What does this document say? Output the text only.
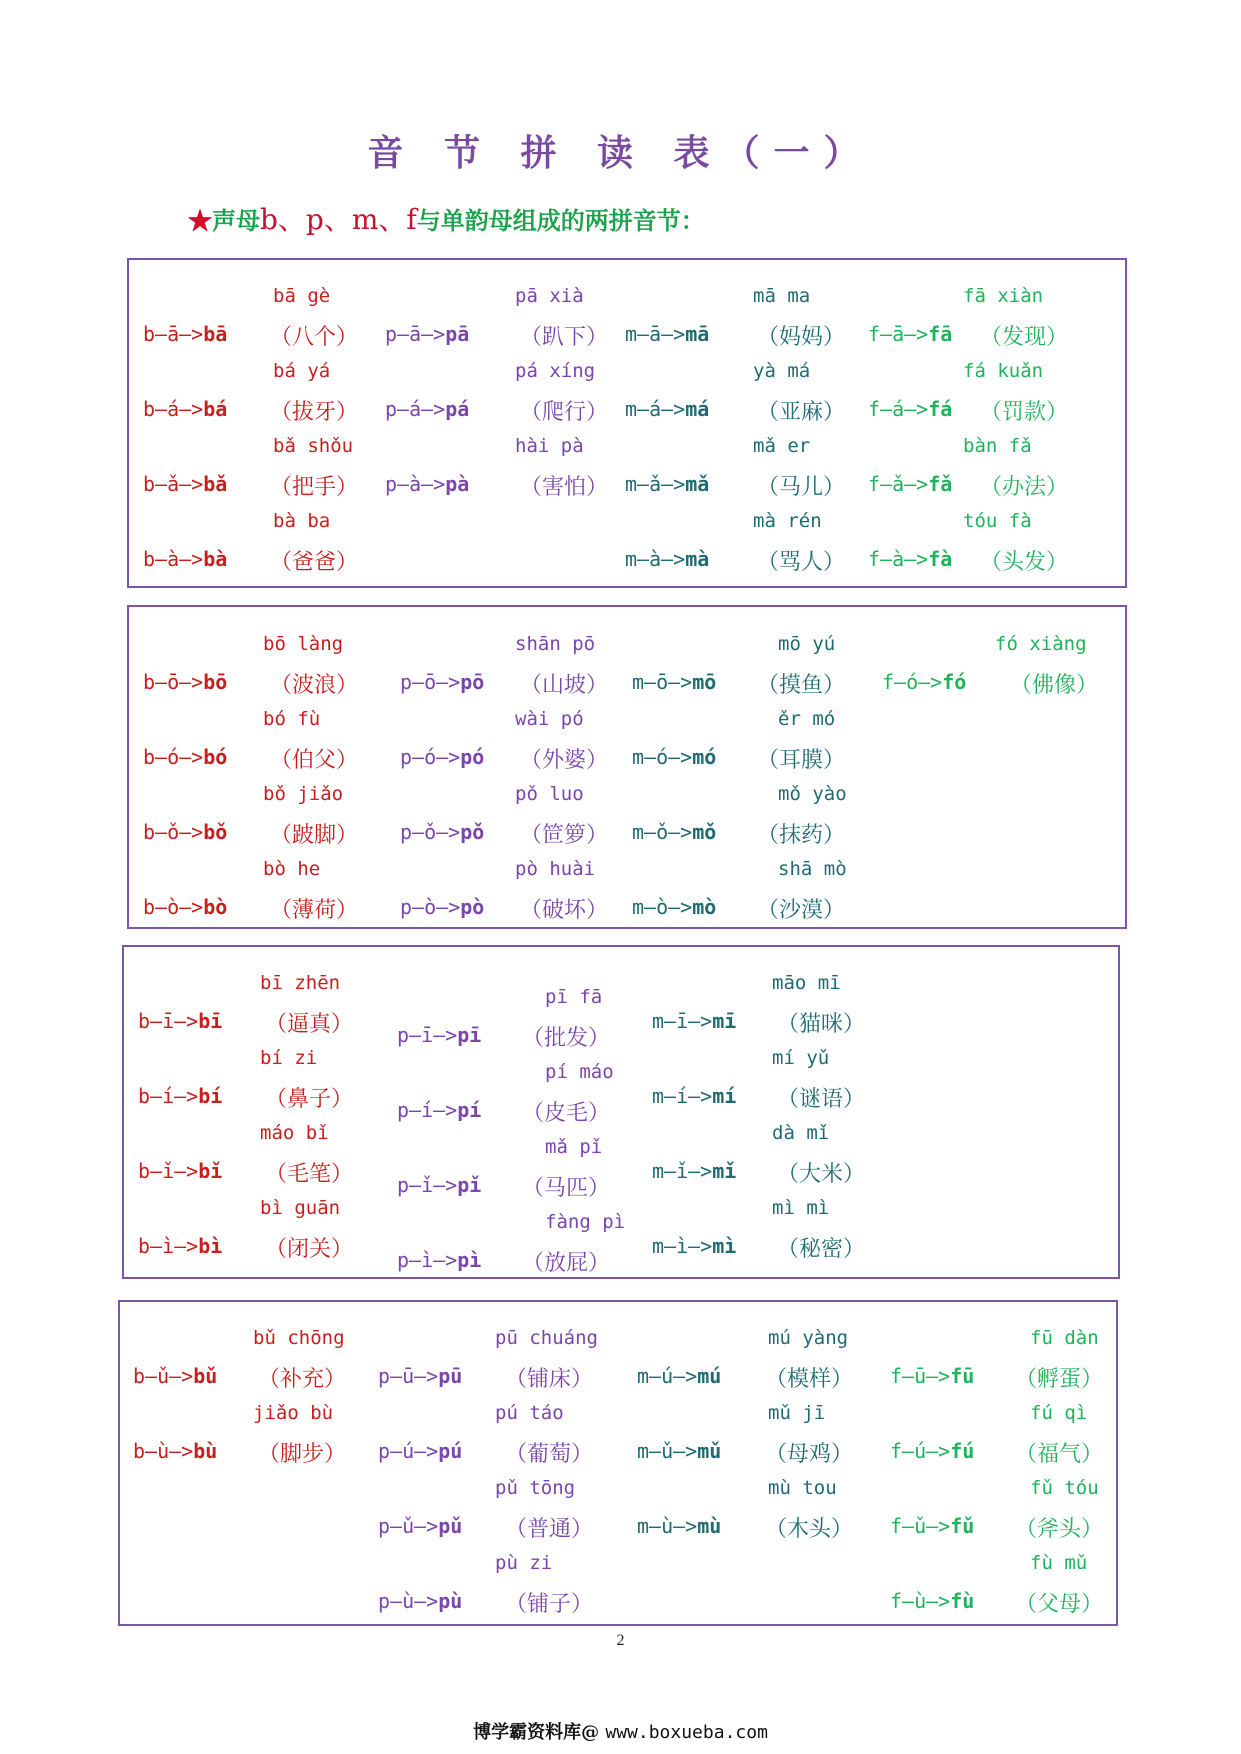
音 节 拼 读 表（一）
★声母b、p、m、f与单韵母组成的两拼音节：
bā gè
b—ā—>bā （八个）
bá yá
b—á—>bá （拔牙）
bǎ shǒu
b—ǎ—>bǎ （把手）
bà ba
b—à—>bà （爸爸）
pā xià
p—ā—>pā （趴下）
pá xíng
p—á—>pá （爬行）
hài pà
p—à—>pà （害怕）
mā ma
m—ā—>mā （妈妈）
yà má
m—á—>má （亚麻）
mǎ er
m—ǎ—>mǎ （马儿）
mà rén
m—à—>mà （骂人）
fā xiàn
f—ā—>fā （发现）
fá kuǎn
f—á—>fá （罚款）
bàn fǎ
f—ǎ—>fǎ （办法）
tóu fà
f—à—>fà （头发）
bō làng
b—ō—>bō （波浪）
bó fù
b—ó—>bó （伯父）
bǒ jiǎo
b—ǒ—>bǒ （跛脚）
bò he
b—ò—>bò （薄荷）
shān pō
p—ō—>pō （山坡）
wài pó
p—ó—>pó （外婆）
pǒ luo
p—ǒ—>pǒ （笸箩）
pò huài
p—ò—>pò （破坏）
mō yú
m—ō—>mō （摸鱼）
ěr mó
m—ó—>mó （耳膜）
mǒ yào
m—ǒ—>mǒ （抹药）
shā mò
m—ò—>mò （沙漠）
fó xiàng
f—ó—>fó （佛像）
bī zhēn
b—ī—>bī （逼真）
bí zi
b—í—>bí （鼻子）
máo bǐ
b—ǐ—>bǐ （毛笔）
bì guān
b—ì—>bì （闭关）
pī fā
p—ī—>pī （批发）
pí máo
p—í—>pí （皮毛）
mǎ pǐ
p—ǐ—>pǐ （马匹）
fàng pì
p—ì—>pì （放屁）
māo mī
m—ī—>mī （猫咪）
mí yǔ
m—í—>mí （谜语）
dà mǐ
m—ǐ—>mǐ （大米）
mì mì
m—ì—>mì （秘密）
bǔ chōng
b—ǔ—>bǔ （补充）
jiǎo bù
b—ù—>bù （脚步）
pū chuáng
p—ū—>pū （铺床）
pú táo
p—ú—>pú （葡萄）
pǔ tōng
p—ǔ—>pǔ （普通）
pù zi
p—ù—>pù （铺子）
mú yàng
m—ú—>mú （模样）
mǔ jī
m—ǔ—>mǔ （母鸡）
mù tou
m—ù—>mù （木头）
fū dàn
f—ū—>fū （孵蛋）
fú qì
f—ú—>fú （福气）
fǔ tóu
f—ǔ—>fǔ （斧头）
fù mǔ
f—ù—>fù （父母）
2
博学霸资料库@ www.boxueba.com
